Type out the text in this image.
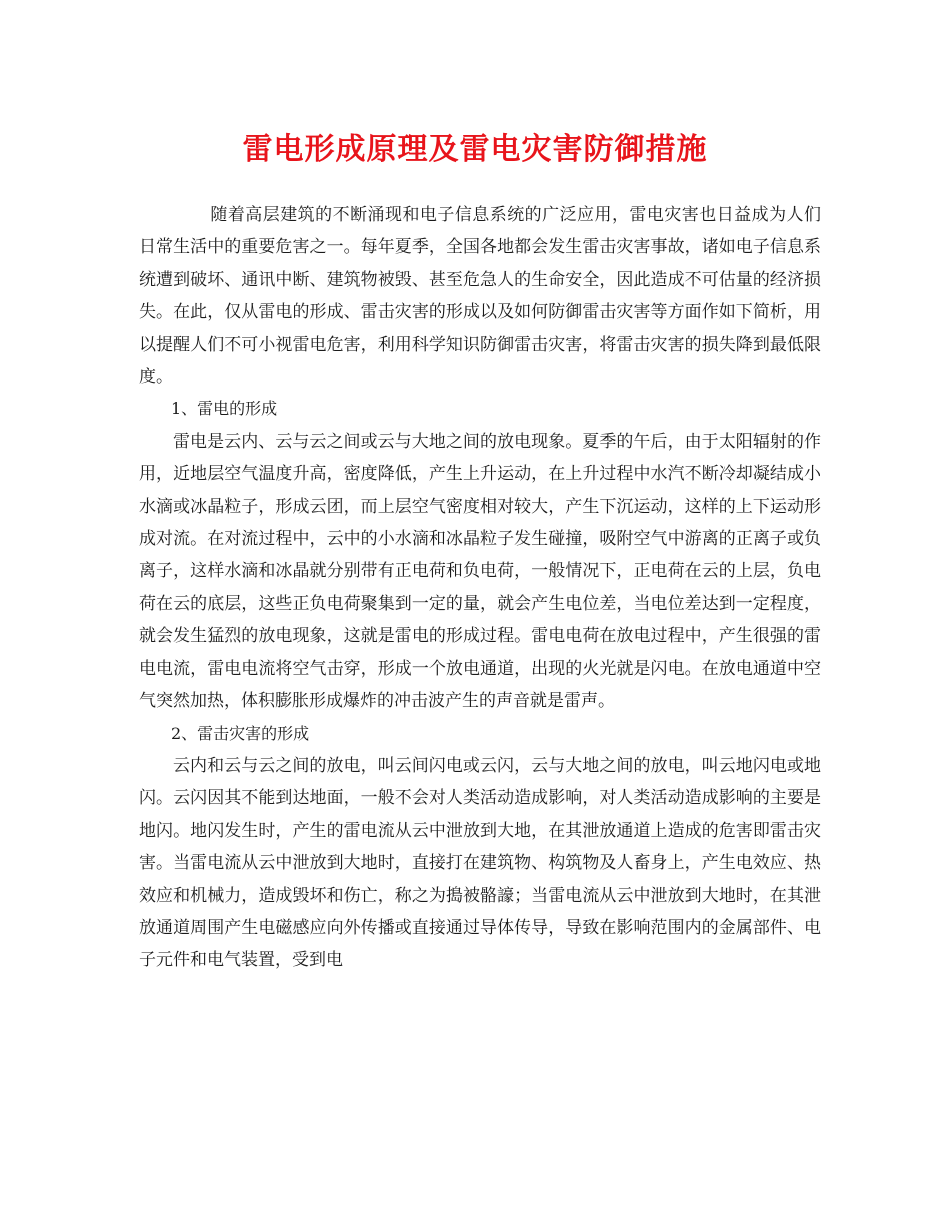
雷电形成原理及雷电灾害防御措施

随着高层建筑的不断涌现和电子信息系统的广泛应用，雷电灾害也日益成为人们日常生活中的重要危害之一。每年夏季，全国各地都会发生雷击灾害事故，诸如电子信息系统遭到破坏、通讯中断、建筑物被毁、甚至危急人的生命安全，因此造成不可估量的经济损失。在此，仅从雷电的形成、雷击灾害的形成以及如何防御雷击灾害等方面作如下简析，用以提醒人们不可小视雷电危害，利用科学知识防御雷击灾害，将雷击灾害的损失降到最低限度。

1、雷电的形成

雷电是云内、云与云之间或云与大地之间的放电现象。夏季的午后，由于太阳辐射的作用，近地层空气温度升高，密度降低，产生上升运动，在上升过程中水汽不断冷却凝结成小水滴或冰晶粒子，形成云团，而上层空气密度相对较大，产生下沉运动，这样的上下运动形成对流。在对流过程中，云中的小水滴和冰晶粒子发生碰撞，吸附空气中游离的正离子或负离子，这样水滴和冰晶就分别带有正电荷和负电荷，一般情况下，正电荷在云的上层，负电荷在云的底层，这些正负电荷聚集到一定的量，就会产生电位差，当电位差达到一定程度，就会发生猛烈的放电现象，这就是雷电的形成过程。雷电电荷在放电过程中，产生很强的雷电电流，雷电电流将空气击穿，形成一个放电通道，出现的火光就是闪电。在放电通道中空气突然加热，体积膨胀形成爆炸的冲击波产生的声音就是雷声。

2、雷击灾害的形成

云内和云与云之间的放电，叫云间闪电或云闪，云与大地之间的放电，叫云地闪电或地闪。云闪因其不能到达地面，一般不会对人类活动造成影响，对人类活动造成影响的主要是地闪。地闪发生时，产生的雷电流从云中泄放到大地，在其泄放通道上造成的危害即雷击灾害。当雷电流从云中泄放到大地时，直接打在建筑物、构筑物及人畜身上，产生电效应、热效应和机械力，造成毁坏和伤亡，称之为搗被骼譹；当雷电流从云中泄放到大地时，在其泄放通道周围产生电磁感应向外传播或直接通过导体传导，导致在影响范围内的金属部件、电子元件和电气装置，受到电
